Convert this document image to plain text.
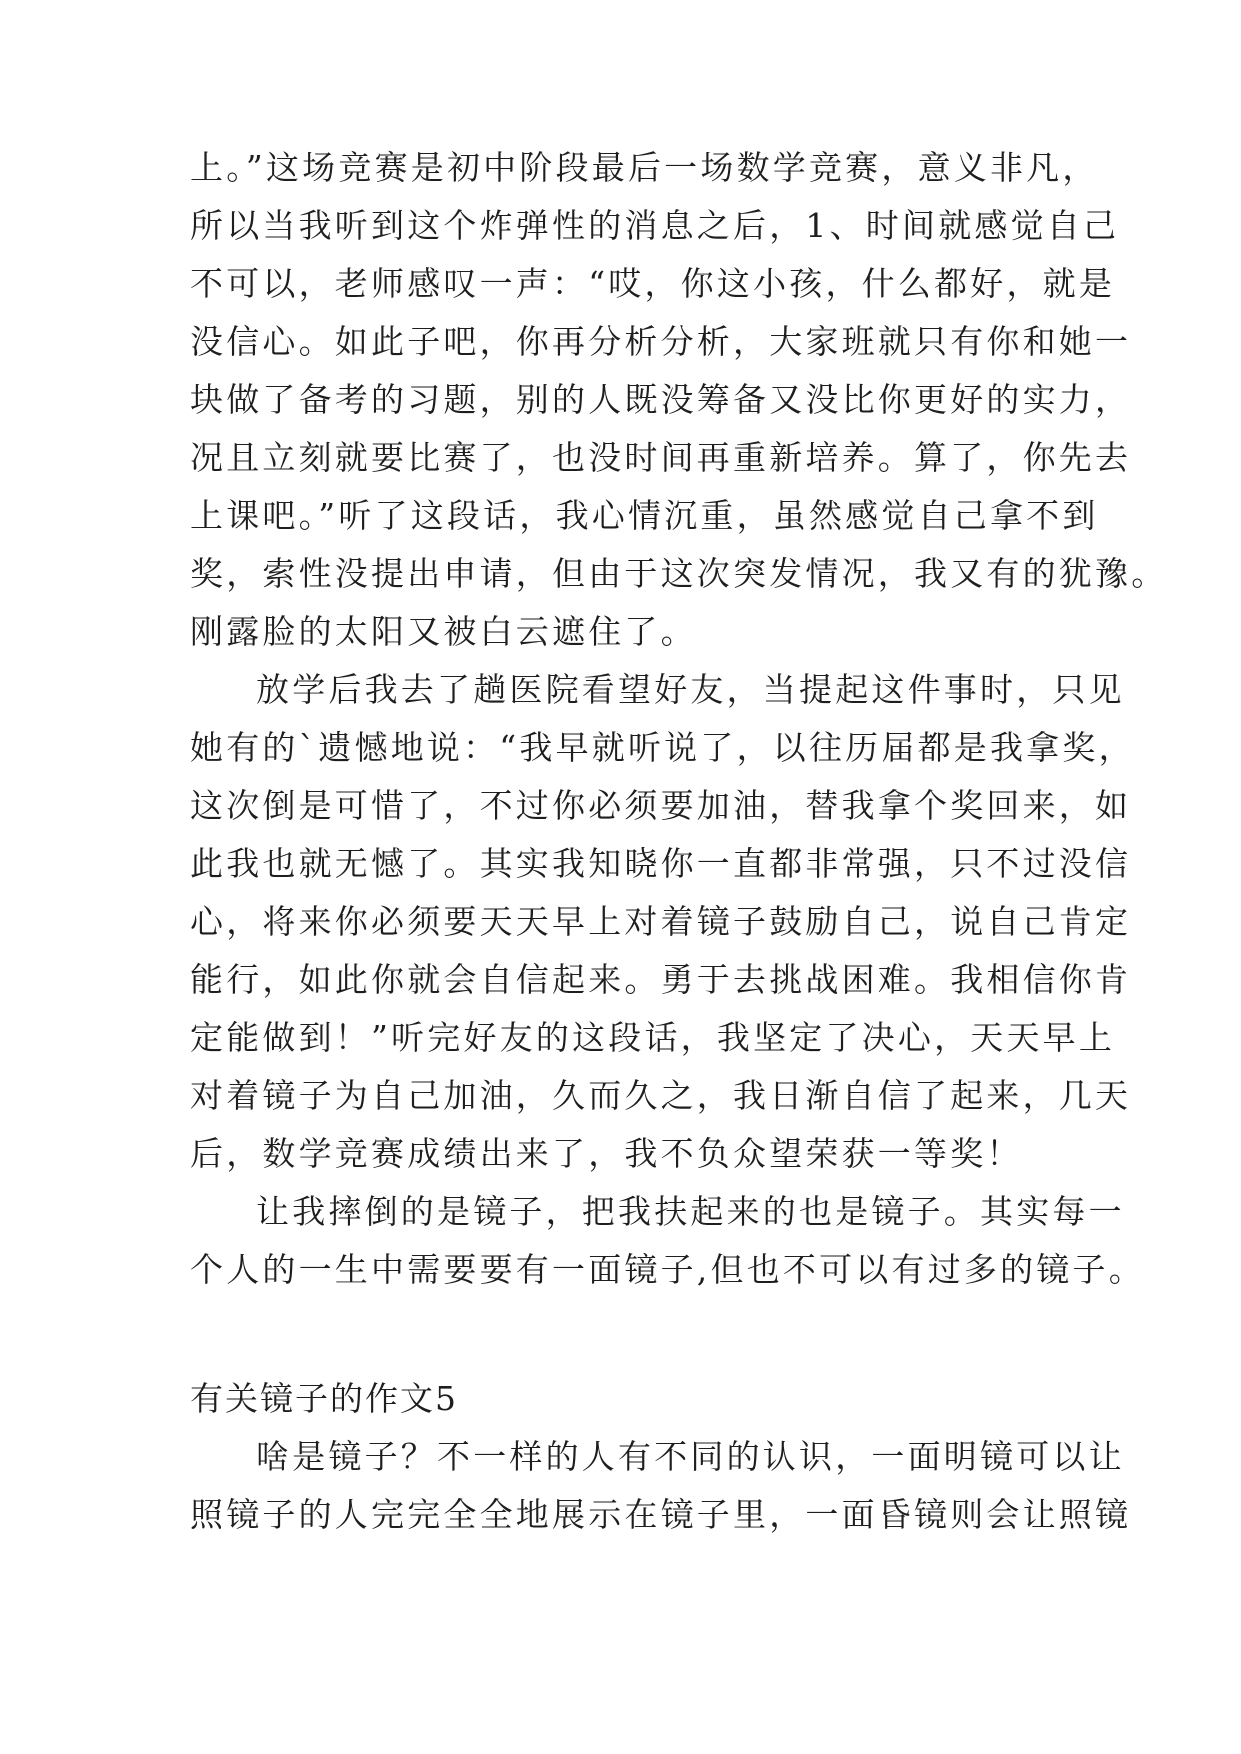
上。”这场竞赛是初中阶段最后一场数学竞赛，意义非凡，
所以当我听到这个炸弹性的消息之后，1、时间就感觉自己
不可以，老师感叹一声：“哎，你这小孩，什么都好，就是
没信心。如此子吧，你再分析分析，大家班就只有你和她一
块做了备考的习题，别的人既没筹备又没比你更好的实力，
况且立刻就要比赛了，也没时间再重新培养。算了，你先去
上课吧。”听了这段话，我心情沉重，虽然感觉自己拿不到
奖，索性没提出申请，但由于这次突发情况，我又有的犹豫。
刚露脸的太阳又被白云遮住了。
放学后我去了趟医院看望好友，当提起这件事时，只见
她有的`遗憾地说：“我早就听说了，以往历届都是我拿奖，
这次倒是可惜了，不过你必须要加油，替我拿个奖回来，如
此我也就无憾了。其实我知晓你一直都非常强，只不过没信
心，将来你必须要天天早上对着镜子鼓励自己，说自己肯定
能行，如此你就会自信起来。勇于去挑战困难。我相信你肯
定能做到！”听完好友的这段话，我坚定了决心，天天早上
对着镜子为自己加油，久而久之，我日渐自信了起来，几天
后，数学竞赛成绩出来了，我不负众望荣获一等奖！
让我摔倒的是镜子，把我扶起来的也是镜子。其实每一
个人的一生中需要要有一面镜子,但也不可以有过多的镜子。
有关镜子的作文5
啥是镜子？不一样的人有不同的认识，一面明镜可以让
照镜子的人完完全全地展示在镜子里，一面昏镜则会让照镜
